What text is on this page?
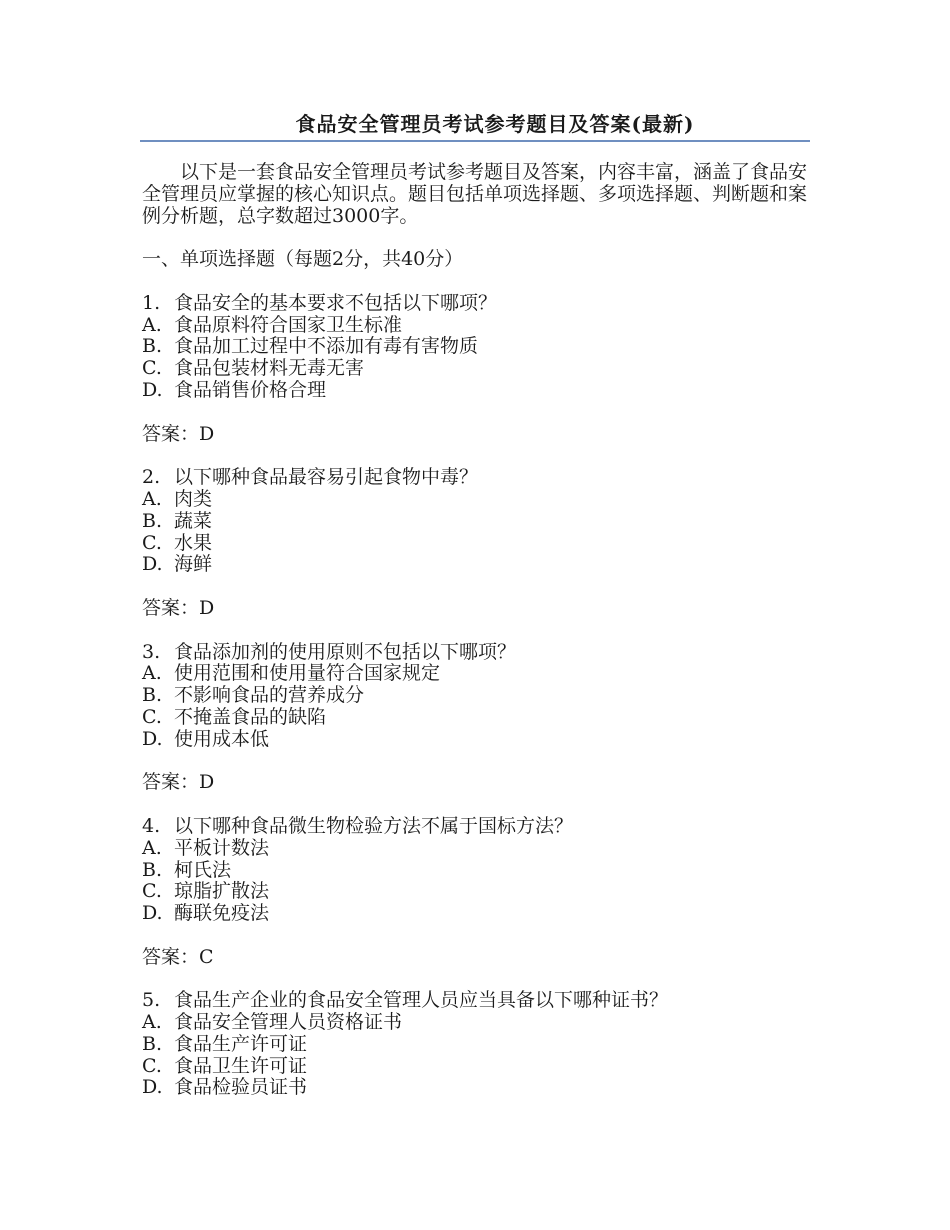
食品安全管理员考试参考题目及答案(最新)

以下是一套食品安全管理员考试参考题目及答案，内容丰富，涵盖了食品安全管理员应掌握的核心知识点。题目包括单项选择题、多项选择题、判断题和案例分析题，总字数超过3000字。

一、单项选择题（每题2分，共40分）

1. 食品安全的基本要求不包括以下哪项？

A. 食品原料符合国家卫生标准

B. 食品加工过程中不添加有毒有害物质

C. 食品包装材料无毒无害

D. 食品销售价格合理

答案：D

2. 以下哪种食品最容易引起食物中毒？

A. 肉类

B. 蔬菜

C. 水果

D. 海鲜

答案：D

3. 食品添加剂的使用原则不包括以下哪项？

A. 使用范围和使用量符合国家规定

B. 不影响食品的营养成分

C. 不掩盖食品的缺陷

D. 使用成本低

答案：D

4. 以下哪种食品微生物检验方法不属于国标方法？

A. 平板计数法

B. 柯氏法

C. 琼脂扩散法

D. 酶联免疫法

答案：C

5. 食品生产企业的食品安全管理人员应当具备以下哪种证书？

A. 食品安全管理人员资格证书

B. 食品生产许可证

C. 食品卫生许可证

D. 食品检验员证书
